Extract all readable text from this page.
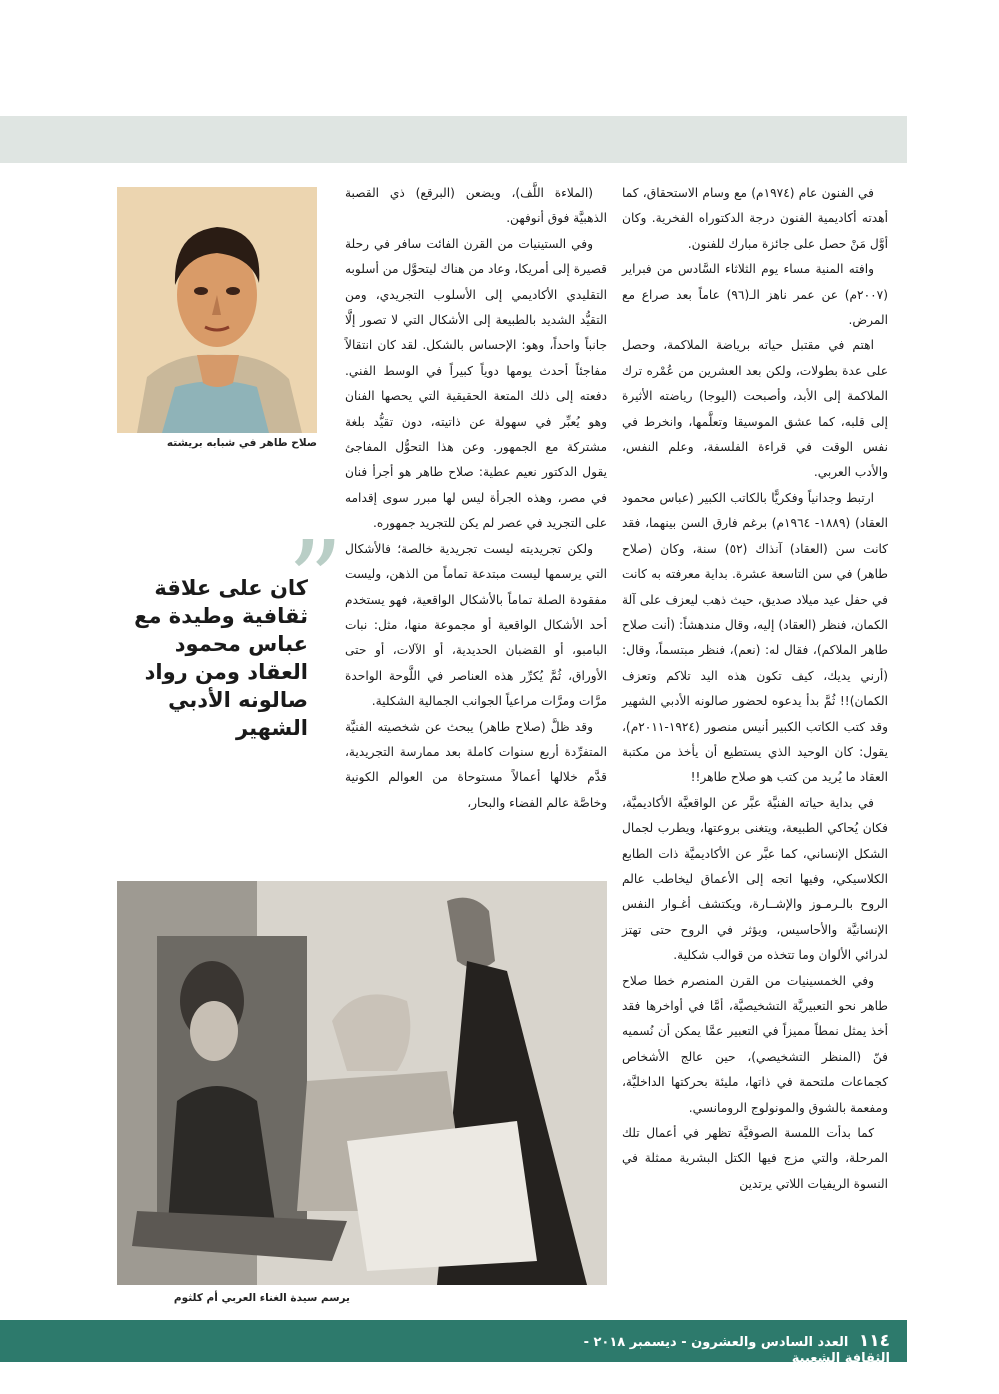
في الفنون عام (١٩٧٤م) مع وسام الاستحقاق، كما أهدته أكاديمية الفنون درجة الدكتوراه الفخرية. وكان أوَّل مَنْ حصل على جائزة مبارك للفنون.

وافته المنية مساء يوم الثلاثاء السَّادس من فبراير (٢٠٠٧م) عن عمر ناهز الـ(٩٦) عاماً بعد صراع مع المرض.

اهتم في مقتبل حياته برياضة الملاكمة، وحصل على عدة بطولات، ولكن بعد العشرين من عُمْره ترك الملاكمة إلى الأبد، وأصبحت (اليوجا) رياضته الأثيرة إلى قلبه، كما عشق الموسيقا وتعلَّمها، وانخرط في نفس الوقت في قراءة الفلسفة، وعلم النفس، والأدب العربي.

ارتبط وجدانياً وفكريًّا بالكاتب الكبير (عباس محمود العقاد) (١٨٨٩- ١٩٦٤م) برغم فارق السن بينهما، فقد كانت سن (العقاد) آنذاك (٥٢) سنة، وكان (صلاح طاهر) في سن التاسعة عشرة. بداية معرفته به كانت في حفل عيد ميلاد صديق، حيث ذهب ليعزف على آلة الكمان، فنظر (العقاد) إليه، وقال مندهشاً: (أنت صلاح طاهر الملاكم)، فقال له: (نعم)، فنظر مبتسماً، وقال: (أرني يديك، كيف تكون هذه اليد تلاكم وتعزف الكمان)!! ثُمَّ بدأ يدعوه لحضور صالونه الأدبي الشهير وقد كتب الكاتب الكبير أنيس منصور (١٩٢٤-٢٠١١م)، يقول: كان الوحيد الذي يستطيع أن يأخذ من مكتبة العقاد ما يُريد من كتب هو صلاح طاهر!!

في بداية حياته الفنيَّة عبَّر عن الواقعيَّة الأكاديميَّة، فكان يُحاكي الطبيعة، ويتغنى بروعتها، ويطرب لجمال الشكل الإنساني، كما عبَّر عن الأكاديميَّة ذات الطابع الكلاسيكي، وفيها اتجه إلى الأعماق ليخاطب عالم الروح بالـرمـوز والإشــارة، ويكتشف أغـوار النفس الإنسانيَّة والأحاسيس، ويؤثر في الروح حتى تهتز لدرائي الألوان وما تتخذه من قوالب شكلية.

وفي الخمسينيات من القرن المنصرم خطا صلاح طاهر نحو التعبيريَّة التشخيصيَّة، أمَّا في أواخرها فقد أخذ يمثل نمطاً مميزاً في التعبير عمَّا يمكن أن نُسميه فنّ (المنظر التشخيصي)، حين عالج الأشخاص كجماعات ملتحمة في ذاتها، مليئة بحركتها الداخليَّة، ومفعمة بالشوق والمونولوج الرومانسي.

كما بدأت اللمسة الصوفيَّة تظهر في أعمال تلك المرحلة، والتي مزج فيها الكتل البشرية ممثلة في النسوة الريفيات اللاتي يرتدين

(الملاءة اللَّف)، ويضعن (البرقع) ذي القصبة الذهبيَّة فوق أنوفهن.

وفي الستينيات من القرن الفائت سافر في رحلة قصيرة إلى أمريكا، وعاد من هناك ليتحوَّل من أسلوبه التقليدي الأكاديمي إلى الأسلوب التجريدي، ومن التقيُّد الشديد بالطبيعة إلى الأشكال التي لا تصور إلَّا جانباً واحداً، وهو: الإحساس بالشكل. لقد كان انتقالاً مفاجئاً أحدث يومها دوياً كبيراً في الوسط الفني. دفعته إلى ذلك المتعة الحقيقية التي يحصها الفنان وهو يُعبِّر في سهولة عن ذاتيته، دون تقيُّد بلغة مشتركة مع الجمهور. وعن هذا التحوُّل المفاجئ يقول الدكتور نعيم عطية: صلاح طاهر هو أجرأ فنان في مصر، وهذه الجرأة ليس لها مبرر سوى إقدامه على التجريد في عصر لم يكن للتجريد جمهوره.

ولكن تجريديته ليست تجريدية خالصة؛ فالأشكال التي يرسمها ليست مبتدعة تماماً من الذهن، وليست مفقودة الصلة تماماً بالأشكال الواقعية، فهو يستخدم أحد الأشكال الواقعية أو مجموعة منها، مثل: نبات البامبو، أو القضبان الحديدية، أو الآلات، أو حتى الأوراق، ثُمَّ يُكرِّر هذه العناصر في اللَّوحة الواحدة مرَّات ومرَّات مراعياً الجوانب الجمالية الشكلية.

وقد ظلَّ (صلاح طاهر) يبحث عن شخصيته الفنيَّة المتفرِّدة أربع سنوات كاملة بعد ممارسة التجريدية، قدَّم خلالها أعمالاً مستوحاة من العوالم الكونية وخاصَّة عالم الفضاء والبحار،

صلاح طاهر في شبابه بريشته
”
كان على علاقة ثقافية وطيدة مع عباس محمود العقاد ومن رواد صالونه الأدبي الشهير
يرسم سيدة الغناء العربي أم كلثوم
١١٤ العدد السادس والعشرون - ديسمبر ٢٠١٨ - الثقافة الشعبية
